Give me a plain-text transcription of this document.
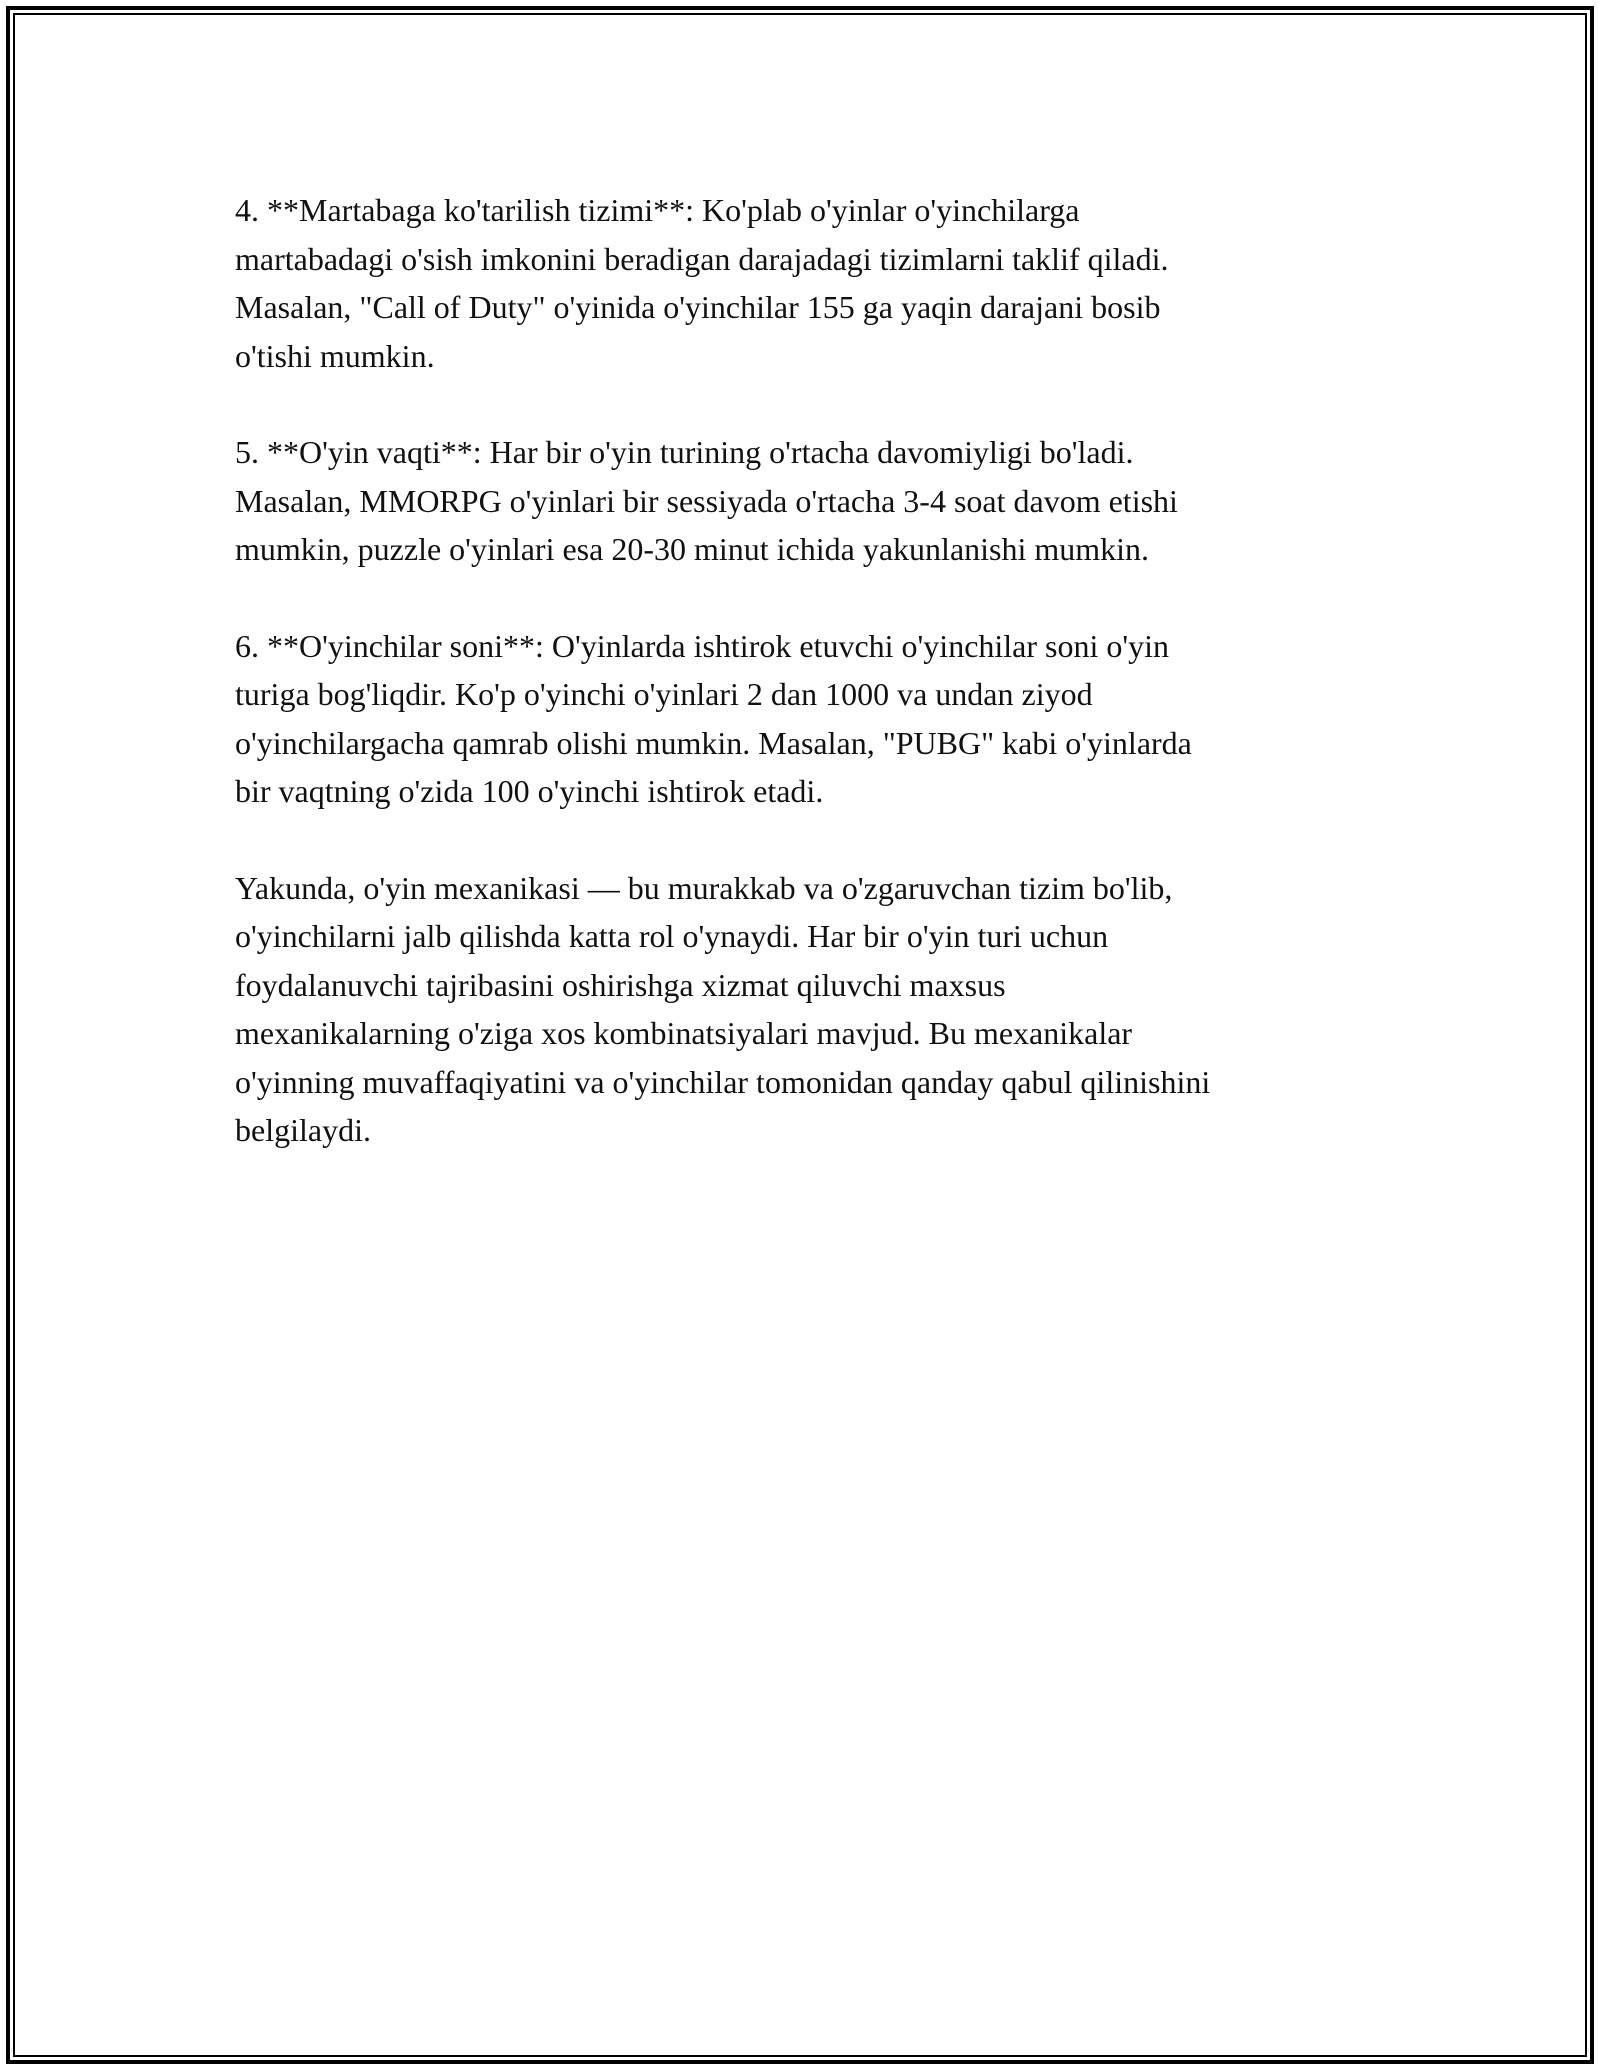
4. **Martabaga ko'tarilish tizimi**: Ko'plab o'yinlar o'yinchilarga
martabadagi o'sish imkonini beradigan darajadagi tizimlarni taklif qiladi.
Masalan, "Call of Duty" o'yinida o'yinchilar 155 ga yaqin darajani bosib
o'tishi mumkin.

5. **O'yin vaqti**: Har bir o'yin turining o'rtacha davomiyligi bo'ladi.
Masalan, MMORPG o'yinlari bir sessiyada o'rtacha 3-4 soat davom etishi
mumkin, puzzle o'yinlari esa 20-30 minut ichida yakunlanishi mumkin.

6. **O'yinchilar soni**: O'yinlarda ishtirok etuvchi o'yinchilar soni o'yin
turiga bog'liqdir. Ko'p o'yinchi o'yinlari 2 dan 1000 va undan ziyod
o'yinchilargacha qamrab olishi mumkin. Masalan, "PUBG" kabi o'yinlarda
bir vaqtning o'zida 100 o'yinchi ishtirok etadi.

Yakunda, o'yin mexanikasi — bu murakkab va o'zgaruvchan tizim bo'lib,
o'yinchilarni jalb qilishda katta rol o'ynaydi. Har bir o'yin turi uchun
foydalanuvchi tajribasini oshirishga xizmat qiluvchi maxsus
mexanikalarning o'ziga xos kombinatsiyalari mavjud. Bu mexanikalar
o'yinning muvaffaqiyatini va o'yinchilar tomonidan qanday qabul qilinishini
belgilaydi.
